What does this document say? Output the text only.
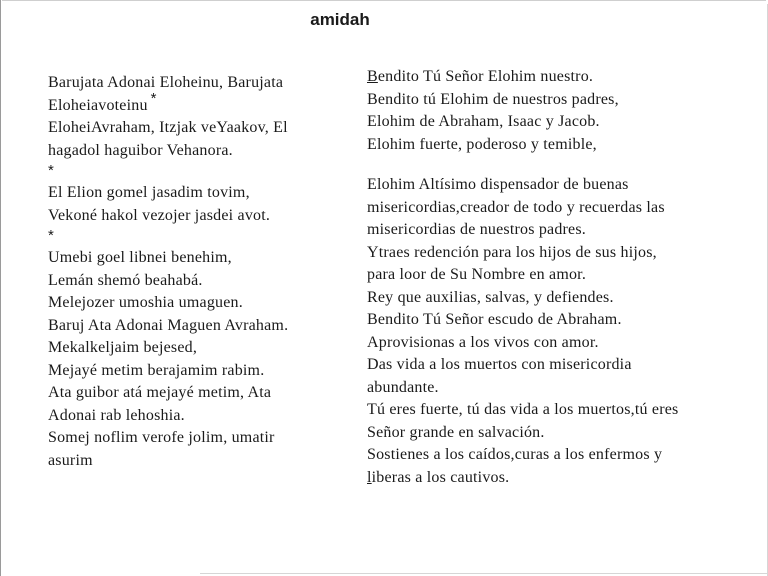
amidah
Barujata Adonai Eloheinu, Barujata
Eloheiavoteinu *
EloheiAvraham, Itzjak veYaakov, El
hagadol haguibor Vehanora.
*
El Elion gomel jasadim tovim,
Vekoné hakol vezojer jasdei avot.
*
Umebi goel libnei benehim,
Lemán shemó beahabá.
Melejozer umoshia umaguen.
Baruj Ata Adonai Maguen Avraham.
Mekalkeljaim bejesed,
Mejayé metim berajamim rabim.
Ata guibor atá mejayé metim, Ata
Adonai rab lehoshia.
Somej noflim verofe jolim, umatir
asurim
Bendito Tú Señor Elohim nuestro.
Bendito tú Elohim de nuestros padres,
Elohim de Abraham, Isaac y Jacob.
Elohim fuerte, poderoso y temible,
Elohim Altísimo dispensador de buenas
misericordias,creador de todo y recuerdas las
misericordias de nuestros padres.
Ytraes redención para los hijos de sus hijos,
para loor de Su Nombre en amor.
Rey que auxilias, salvas, y defiendes.
Bendito Tú Señor escudo de Abraham.
Aprovisionas a los vivos con amor.
Das vida a los muertos con misericordia
abundante.
Tú eres fuerte, tú das vida a los muertos,tú eres
Señor grande en salvación.
Sostienes a los caídos,curas a los enfermos y
liberas a los cautivos.
